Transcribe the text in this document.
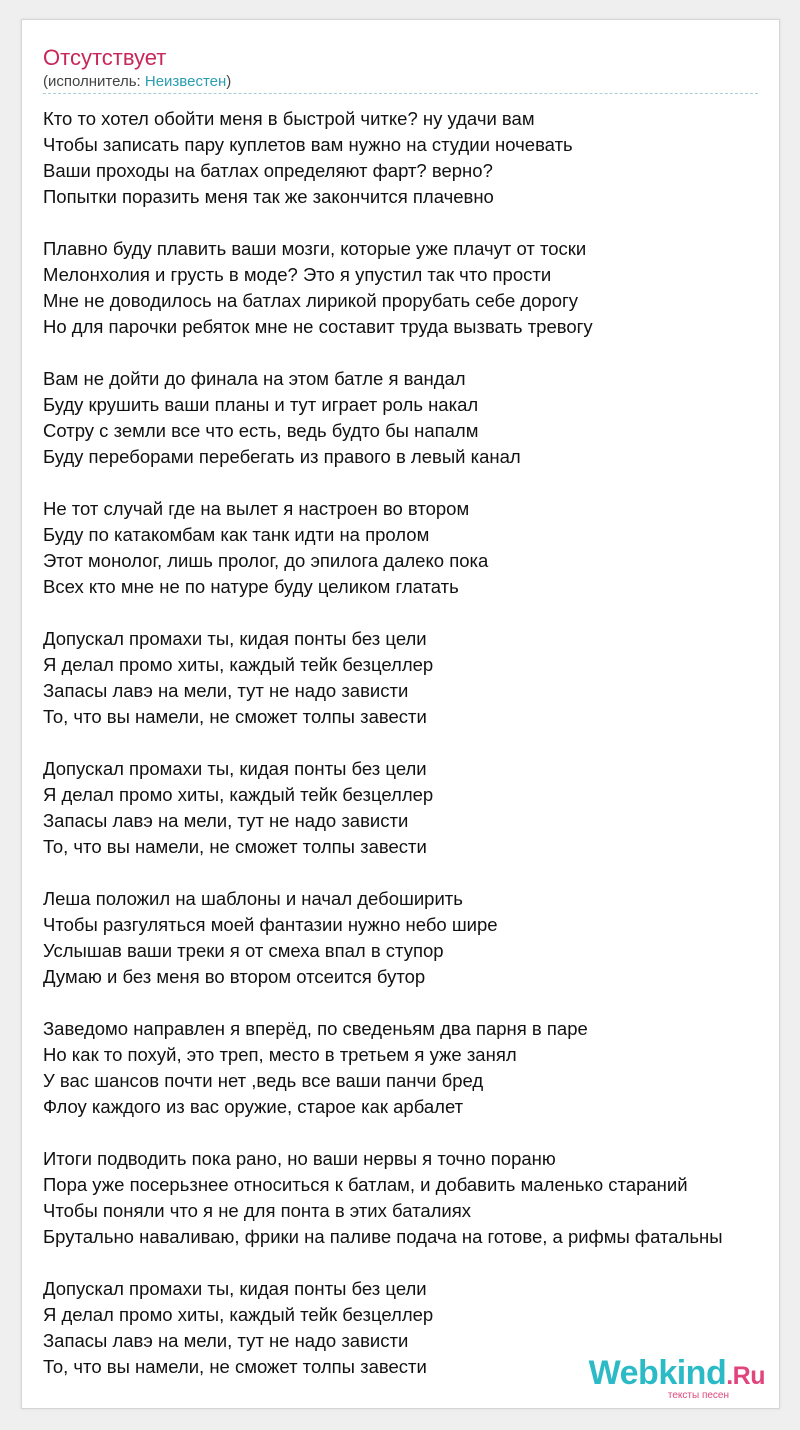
Отсутствует
(исполнитель: Неизвестен)
Кто то хотел обойти меня в быстрой читке? ну удачи вам
Чтобы записать пару куплетов вам нужно на студии ночевать
Ваши проходы на батлах определяют фарт? верно?
Попытки поразить меня так же закончится плачевно
Плавно буду плавить ваши мозги, которые уже плачут от тоски
Мелонхолия и грусть в моде? Это я упустил так что прости
Мне не доводилось на батлах лирикой прорубать себе дорогу
Но для парочки ребяток мне не составит труда вызвать тревогу
Вам не дойти до финала на этом батле я вандал
Буду крушить ваши планы и тут играет роль накал
Сотру с земли все что есть, ведь будто бы напалм
Буду переборами перебегать из правого в левый канал
Не тот случай где на вылет я настроен во втором
Буду по катакомбам как танк идти на пролом
Этот монолог, лишь пролог, до эпилога далеко пока
Всех кто мне не по натуре буду целиком глатать
Допускал промахи ты, кидая понты без цели
Я делал промо хиты, каждый тейк безцеллер
Запасы лавэ на мели, тут не надо зависти
То, что вы намели, не сможет толпы завести
Допускал промахи ты, кидая понты без цели
Я делал промо хиты, каждый тейк безцеллер
Запасы лавэ на мели, тут не надо зависти
То, что вы намели, не сможет толпы завести
Леша положил на шаблоны и начал дебоширить
Чтобы разгуляться моей фантазии нужно небо шире
Услышав ваши треки я от смеха впал в ступор
Думаю и без меня во втором отсеится бутор
Заведомо направлен я вперёд, по сведеньям два парня в паре
Но как то похуй, это треп, место в третьем я уже занял
У вас шансов почти нет ,ведь все ваши панчи бред
Флоу каждого из вас оружие, старое как арбалет
Итоги подводить пока рано, но ваши нервы я точно пораню
Пора уже посерьзнее относиться к батлам, и добавить маленько стараний
Чтобы поняли что я не для понта в этих баталиях
Брутально наваливаю, фрики на паливе подача на готове, а рифмы фатальны
Допускал промахи ты, кидая понты без цели
Я делал промо хиты, каждый тейк безцеллер
Запасы лавэ на мели, тут не надо зависти
То, что вы намели, не сможет толпы завести	Webkind.Ru
тексты песен
